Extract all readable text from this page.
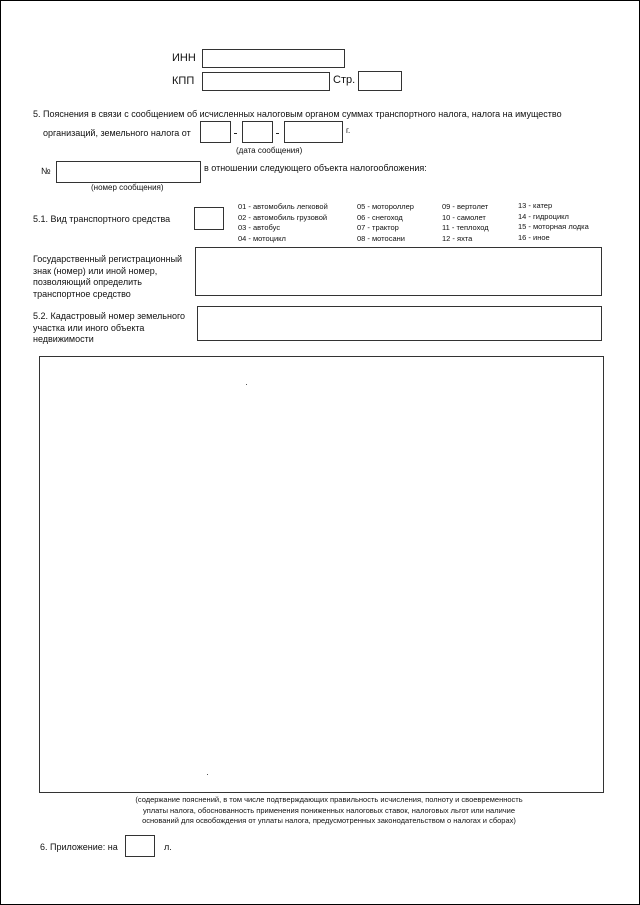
ИНН
КПП	Стр.
5. Пояснения в связи с сообщением об исчисленных налоговым органом суммах транспортного налога, налога на имущество
организаций, земельного налога от	г.
(дата сообщения)
№	в отношении следующего объекта налогообложения:
(номер сообщения)
5.1. Вид транспортного средства
01 - автомобиль легковой
02 - автомобиль грузовой
03 - автобус
04 - мотоцикл
05 - мотороллер
06 - снегоход
07 - трактор
08 - мотосани
09 - вертолет
10 - самолет
11 - теплоход
12 - яхта
13 - катер
14 - гидроцикл
15 - моторная лодка
16 - иное
Государственный регистрационный
знак (номер) или иной номер,
позволяющий определить
транспортное средство
5.2. Кадастровый номер земельного
участка или иного объекта
недвижимости
(содержание пояснений, в том числе подтверждающих правильность исчисления, полноту и своевременность
уплаты налога, обоснованность применения пониженных налоговых ставок, налоговых льгот или наличие
оснований для освобождения от уплаты налога, предусмотренных законодательством о налогах и сборах)
6. Приложение: на	л.
